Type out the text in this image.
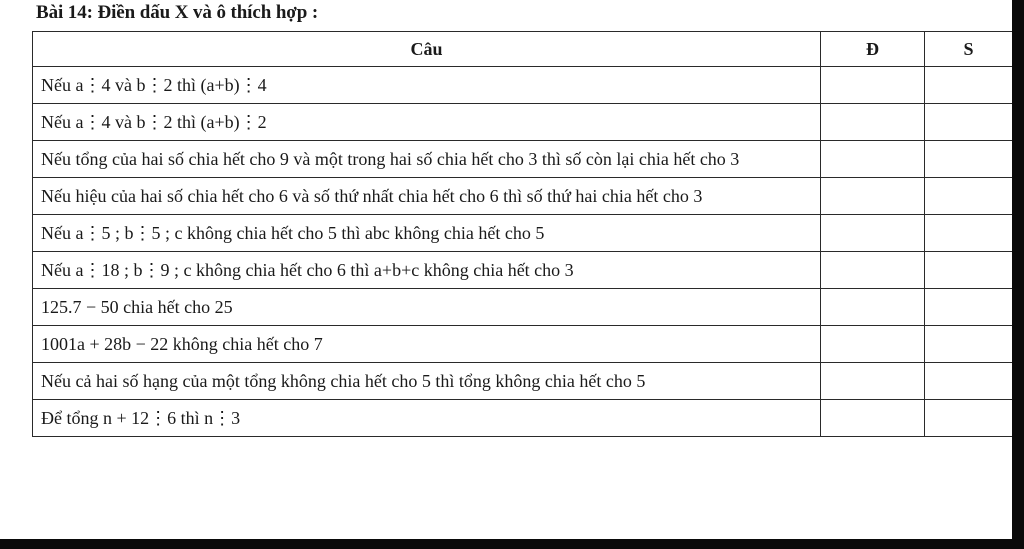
Bài 14: Điền dấu X và ô thích hợp :
Câu	Đ	S
Nếu a⋮4 và b⋮2 thì (a+b)⋮4		
Nếu a⋮4 và b⋮2 thì (a+b)⋮2		
Nếu tổng của hai số chia hết cho 9 và một trong hai số chia hết cho 3 thì số còn lại chia hết cho 3		
Nếu hiệu của hai số chia hết cho 6 và số thứ nhất chia hết cho 6 thì số thứ hai chia hết cho 3		
Nếu a⋮5 ; b⋮5 ; c không chia hết cho 5 thì abc không chia hết cho 5		
Nếu a⋮18 ; b⋮9 ; c không chia hết cho 6 thì a+b+c không chia hết cho 3		
125.7 − 50 chia hết cho 25		
1001a + 28b − 22 không chia hết cho 7		
Nếu cả hai số hạng của một tổng không chia hết cho 5 thì tổng không chia hết cho 5		
Để tổng n + 12⋮6 thì n⋮3		
